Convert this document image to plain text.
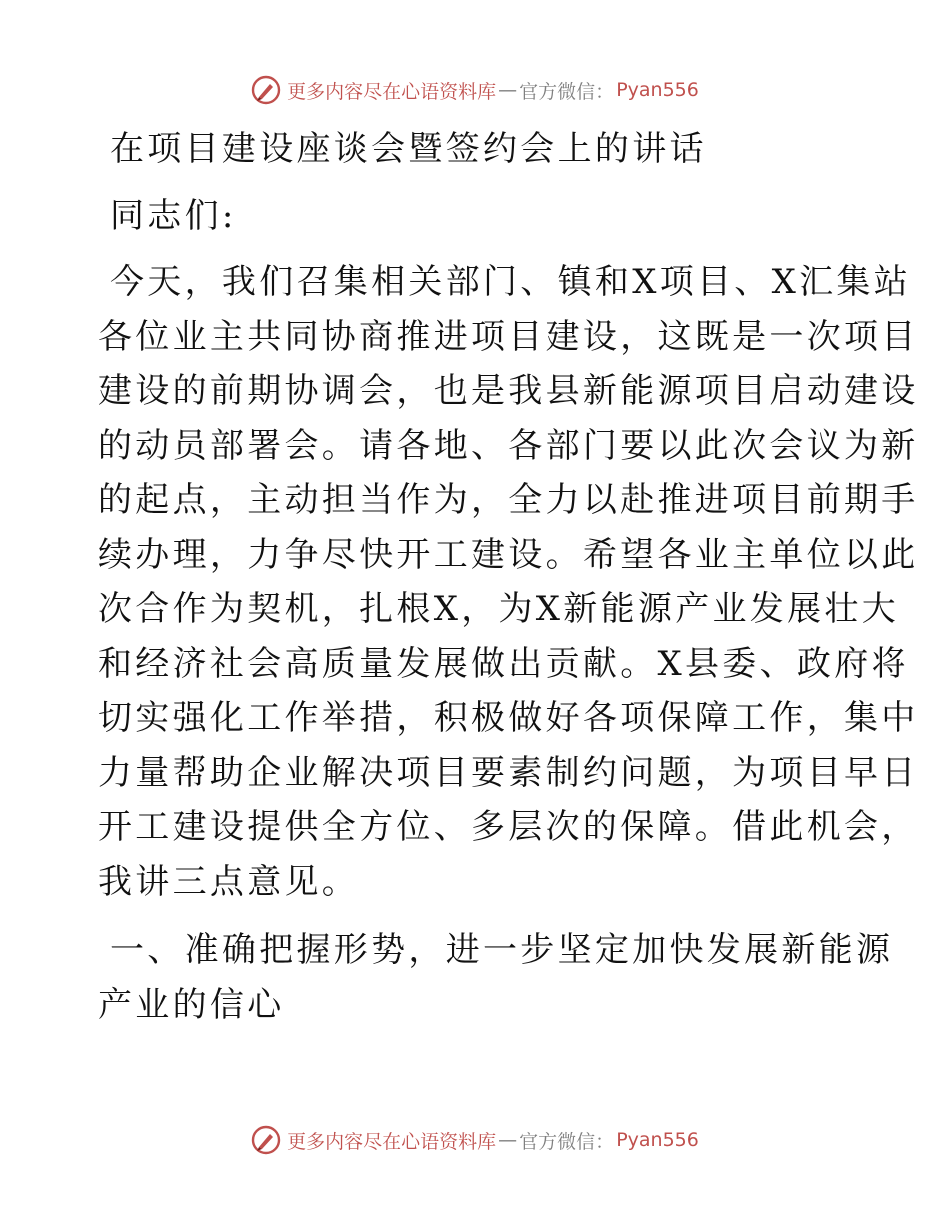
更多内容尽在心语资料库 — 官方微信： Pyan556
在项目建设座谈会暨签约会上的讲话
同志们:
今天，我们召集相关部门、镇和X项目、X汇集站
各位业主共同协商推进项目建设，这既是一次项目
建设的前期协调会，也是我县新能源项目启动建设
的动员部署会。请各地、各部门要以此次会议为新
的起点，主动担当作为，全力以赴推进项目前期手
续办理，力争尽快开工建设。希望各业主单位以此
次合作为契机，扎根X，为X新能源产业发展壮大
和经济社会高质量发展做出贡献。X县委、政府将
切实强化工作举措，积极做好各项保障工作，集中
力量帮助企业解决项目要素制约问题，为项目早日
开工建设提供全方位、多层次的保障。借此机会，
我讲三点意见。
一、准确把握形势，进一步坚定加快发展新能源
产业的信心
更多内容尽在心语资料库 — 官方微信： Pyan556
